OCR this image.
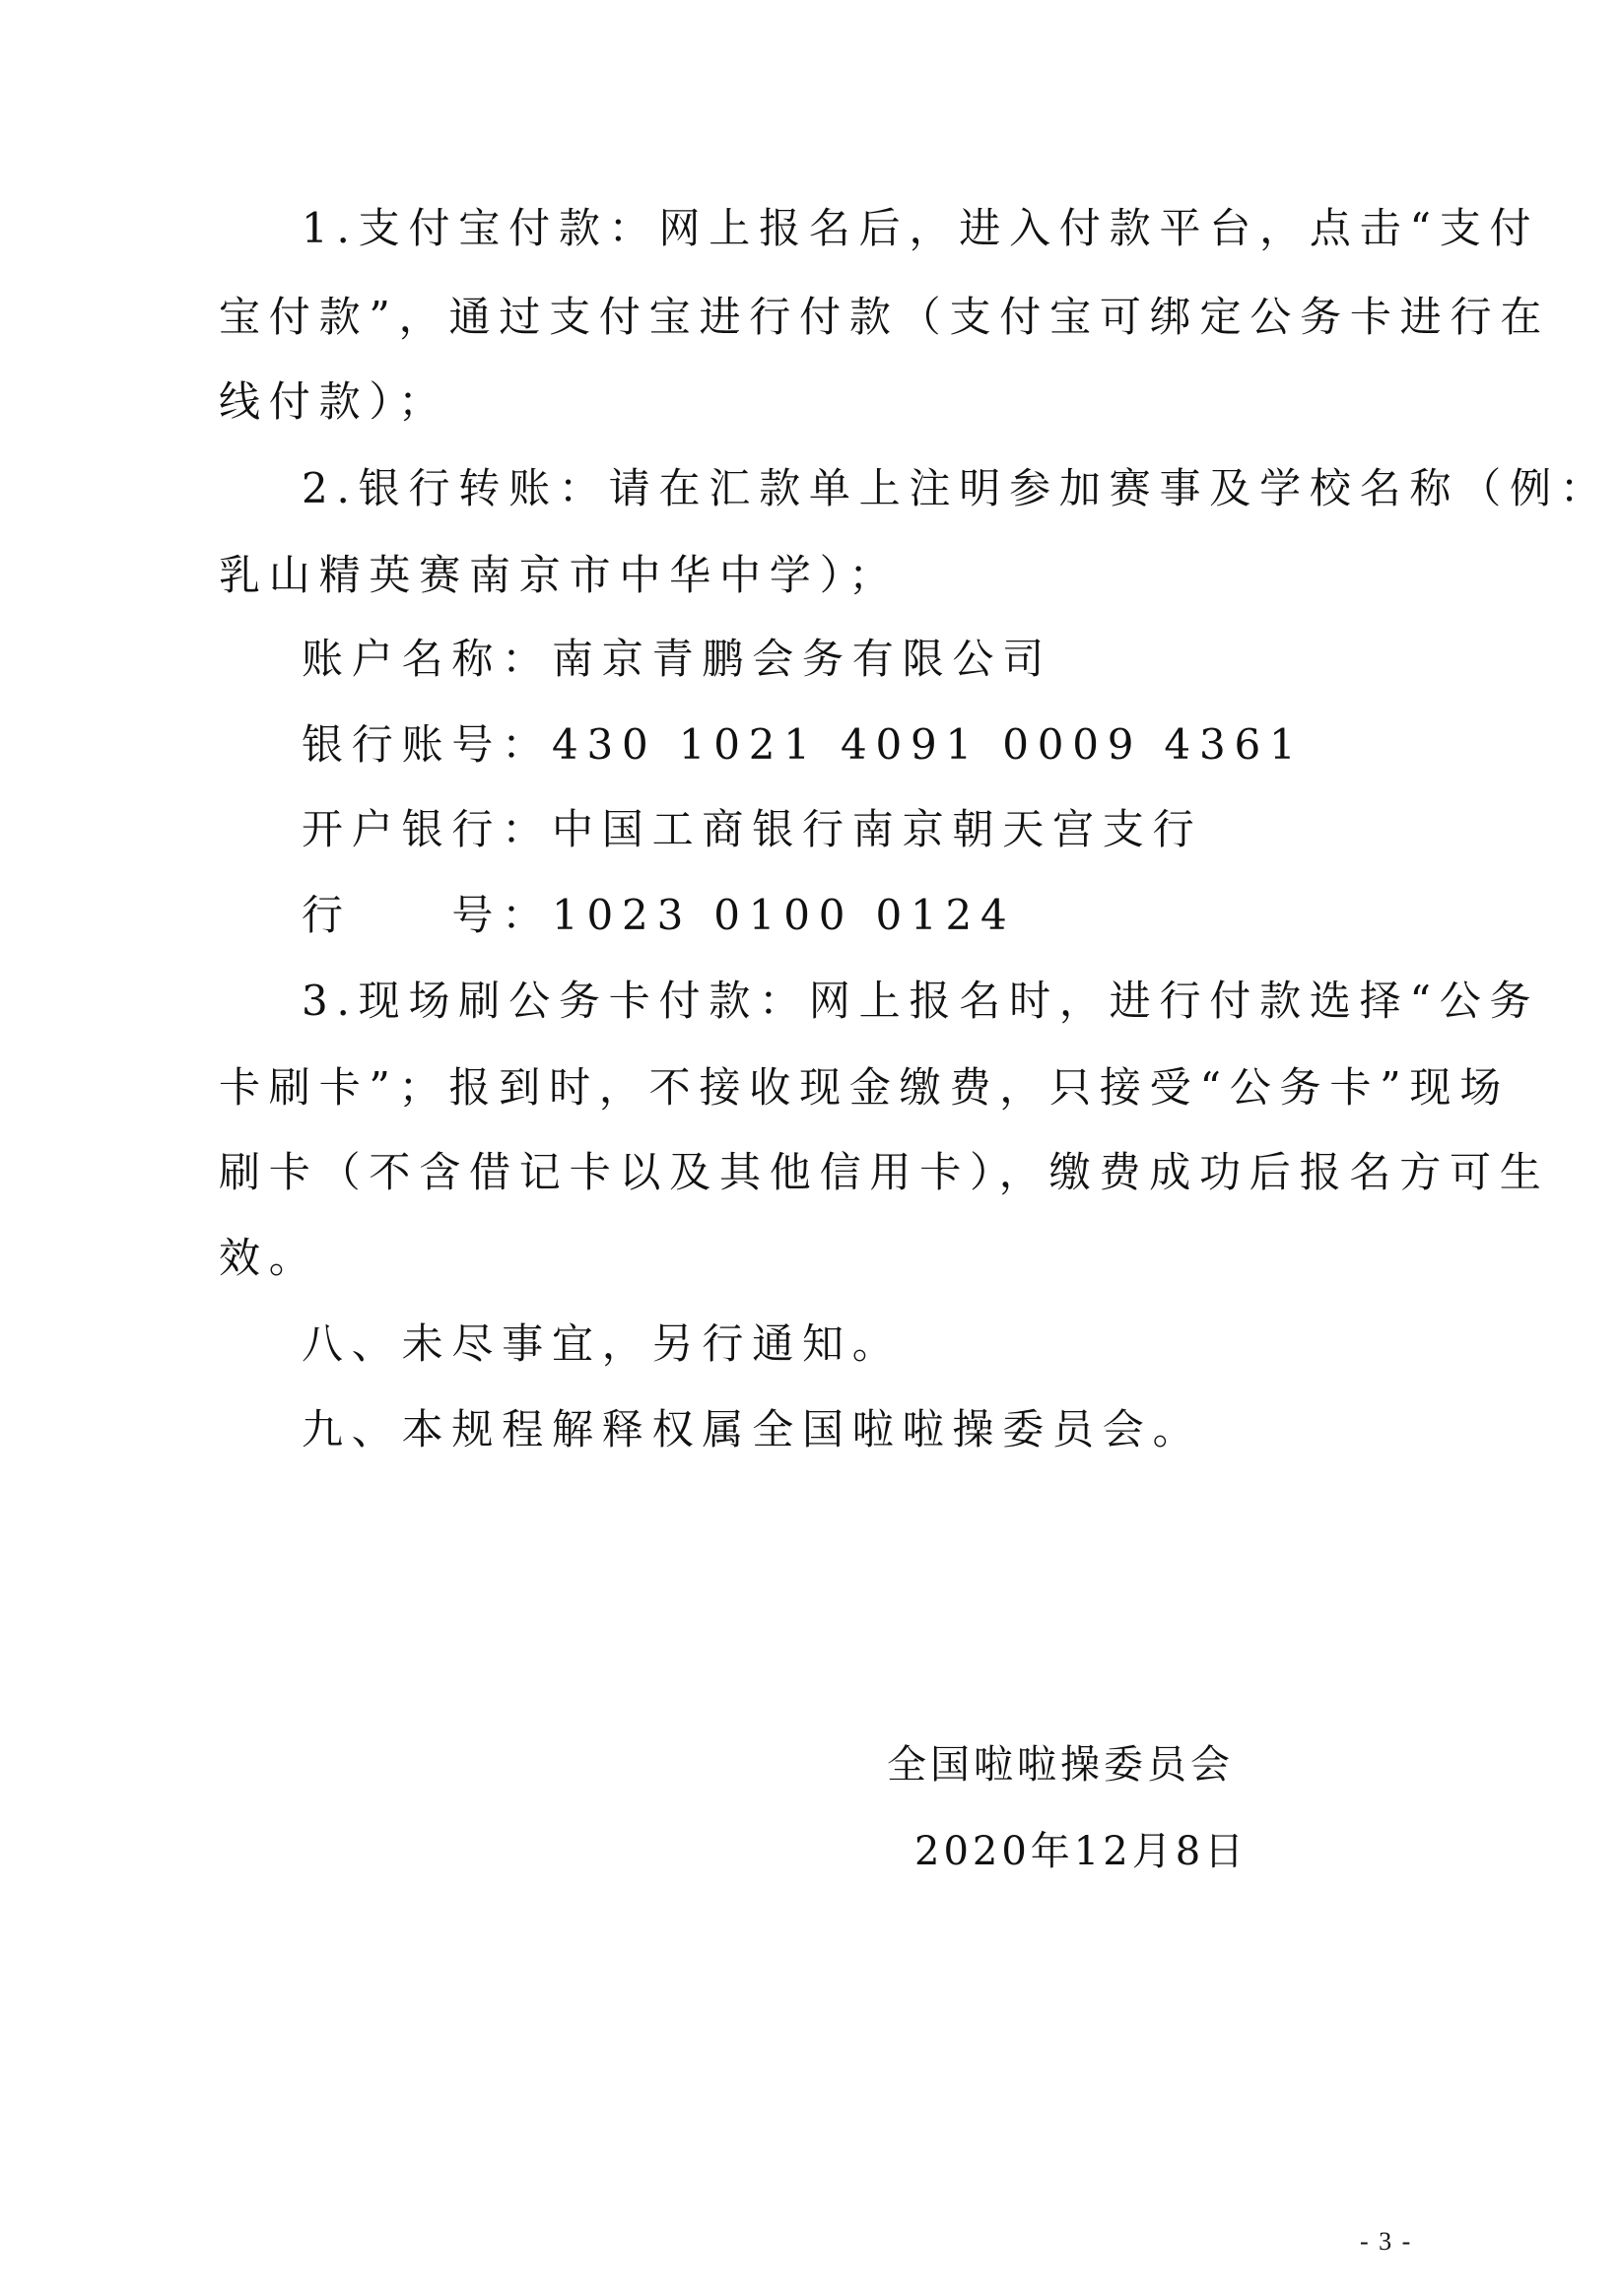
1.支付宝付款：网上报名后，进入付款平台，点击“支付
宝付款”，通过支付宝进行付款（支付宝可绑定公务卡进行在
线付款）；
2.银行转账：请在汇款单上注明参加赛事及学校名称（例：
乳山精英赛南京市中华中学）；
账户名称：南京青鹏会务有限公司
银行账号：430 1021 4091 0009 4361
开户银行：中国工商银行南京朝天宫支行
行　　号：1023 0100 0124
3.现场刷公务卡付款：网上报名时，进行付款选择“公务
卡刷卡”；报到时，不接收现金缴费，只接受“公务卡”现场
刷卡（不含借记卡以及其他信用卡），缴费成功后报名方可生
效。
八、未尽事宜，另行通知。
九、本规程解释权属全国啦啦操委员会。
全国啦啦操委员会
2020年12月8日
- 3 -
